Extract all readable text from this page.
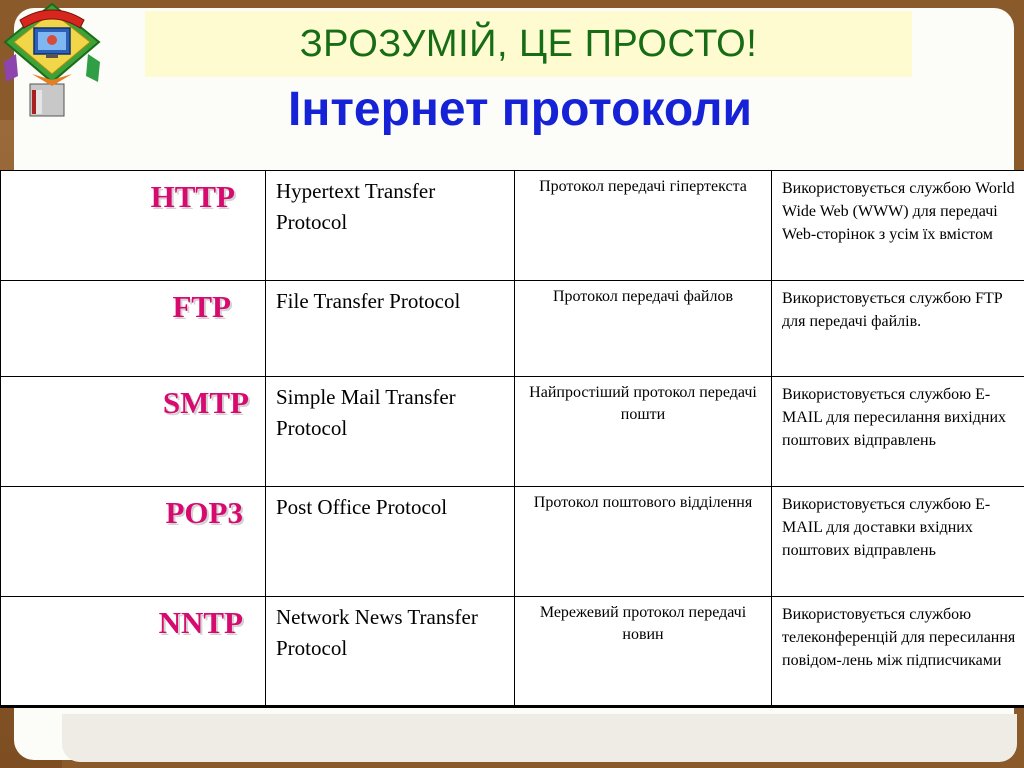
ЗРОЗУМІЙ, ЦЕ ПРОСТО!
Інтернет протоколи
HTTP	Hypertext Transfer Protocol	Протокол передачі гіпертекста	Використовується службою World Wide Web (WWW) для передачі Web-сторінок з усім їх вмістом

FTP	File Transfer Protocol	Протокол передачі файлов	Використовується службою FTP для передачі файлів.

SMTP	Simple Mail Transfer Protocol	Найпростіший протокол передачі пошти	Використовується службою E-MAIL для пересилання вихідних поштових відправлень

POP3	Post Office Protocol	Протокол поштового відділення	Використовується службою E-MAIL для доставки вхідних поштових відправлень

NNTP	Network News Transfer Protocol	Мережевий протокол передачі новин	Використовується службою телеконференцій для пересилання повідом-лень між підписчиками
